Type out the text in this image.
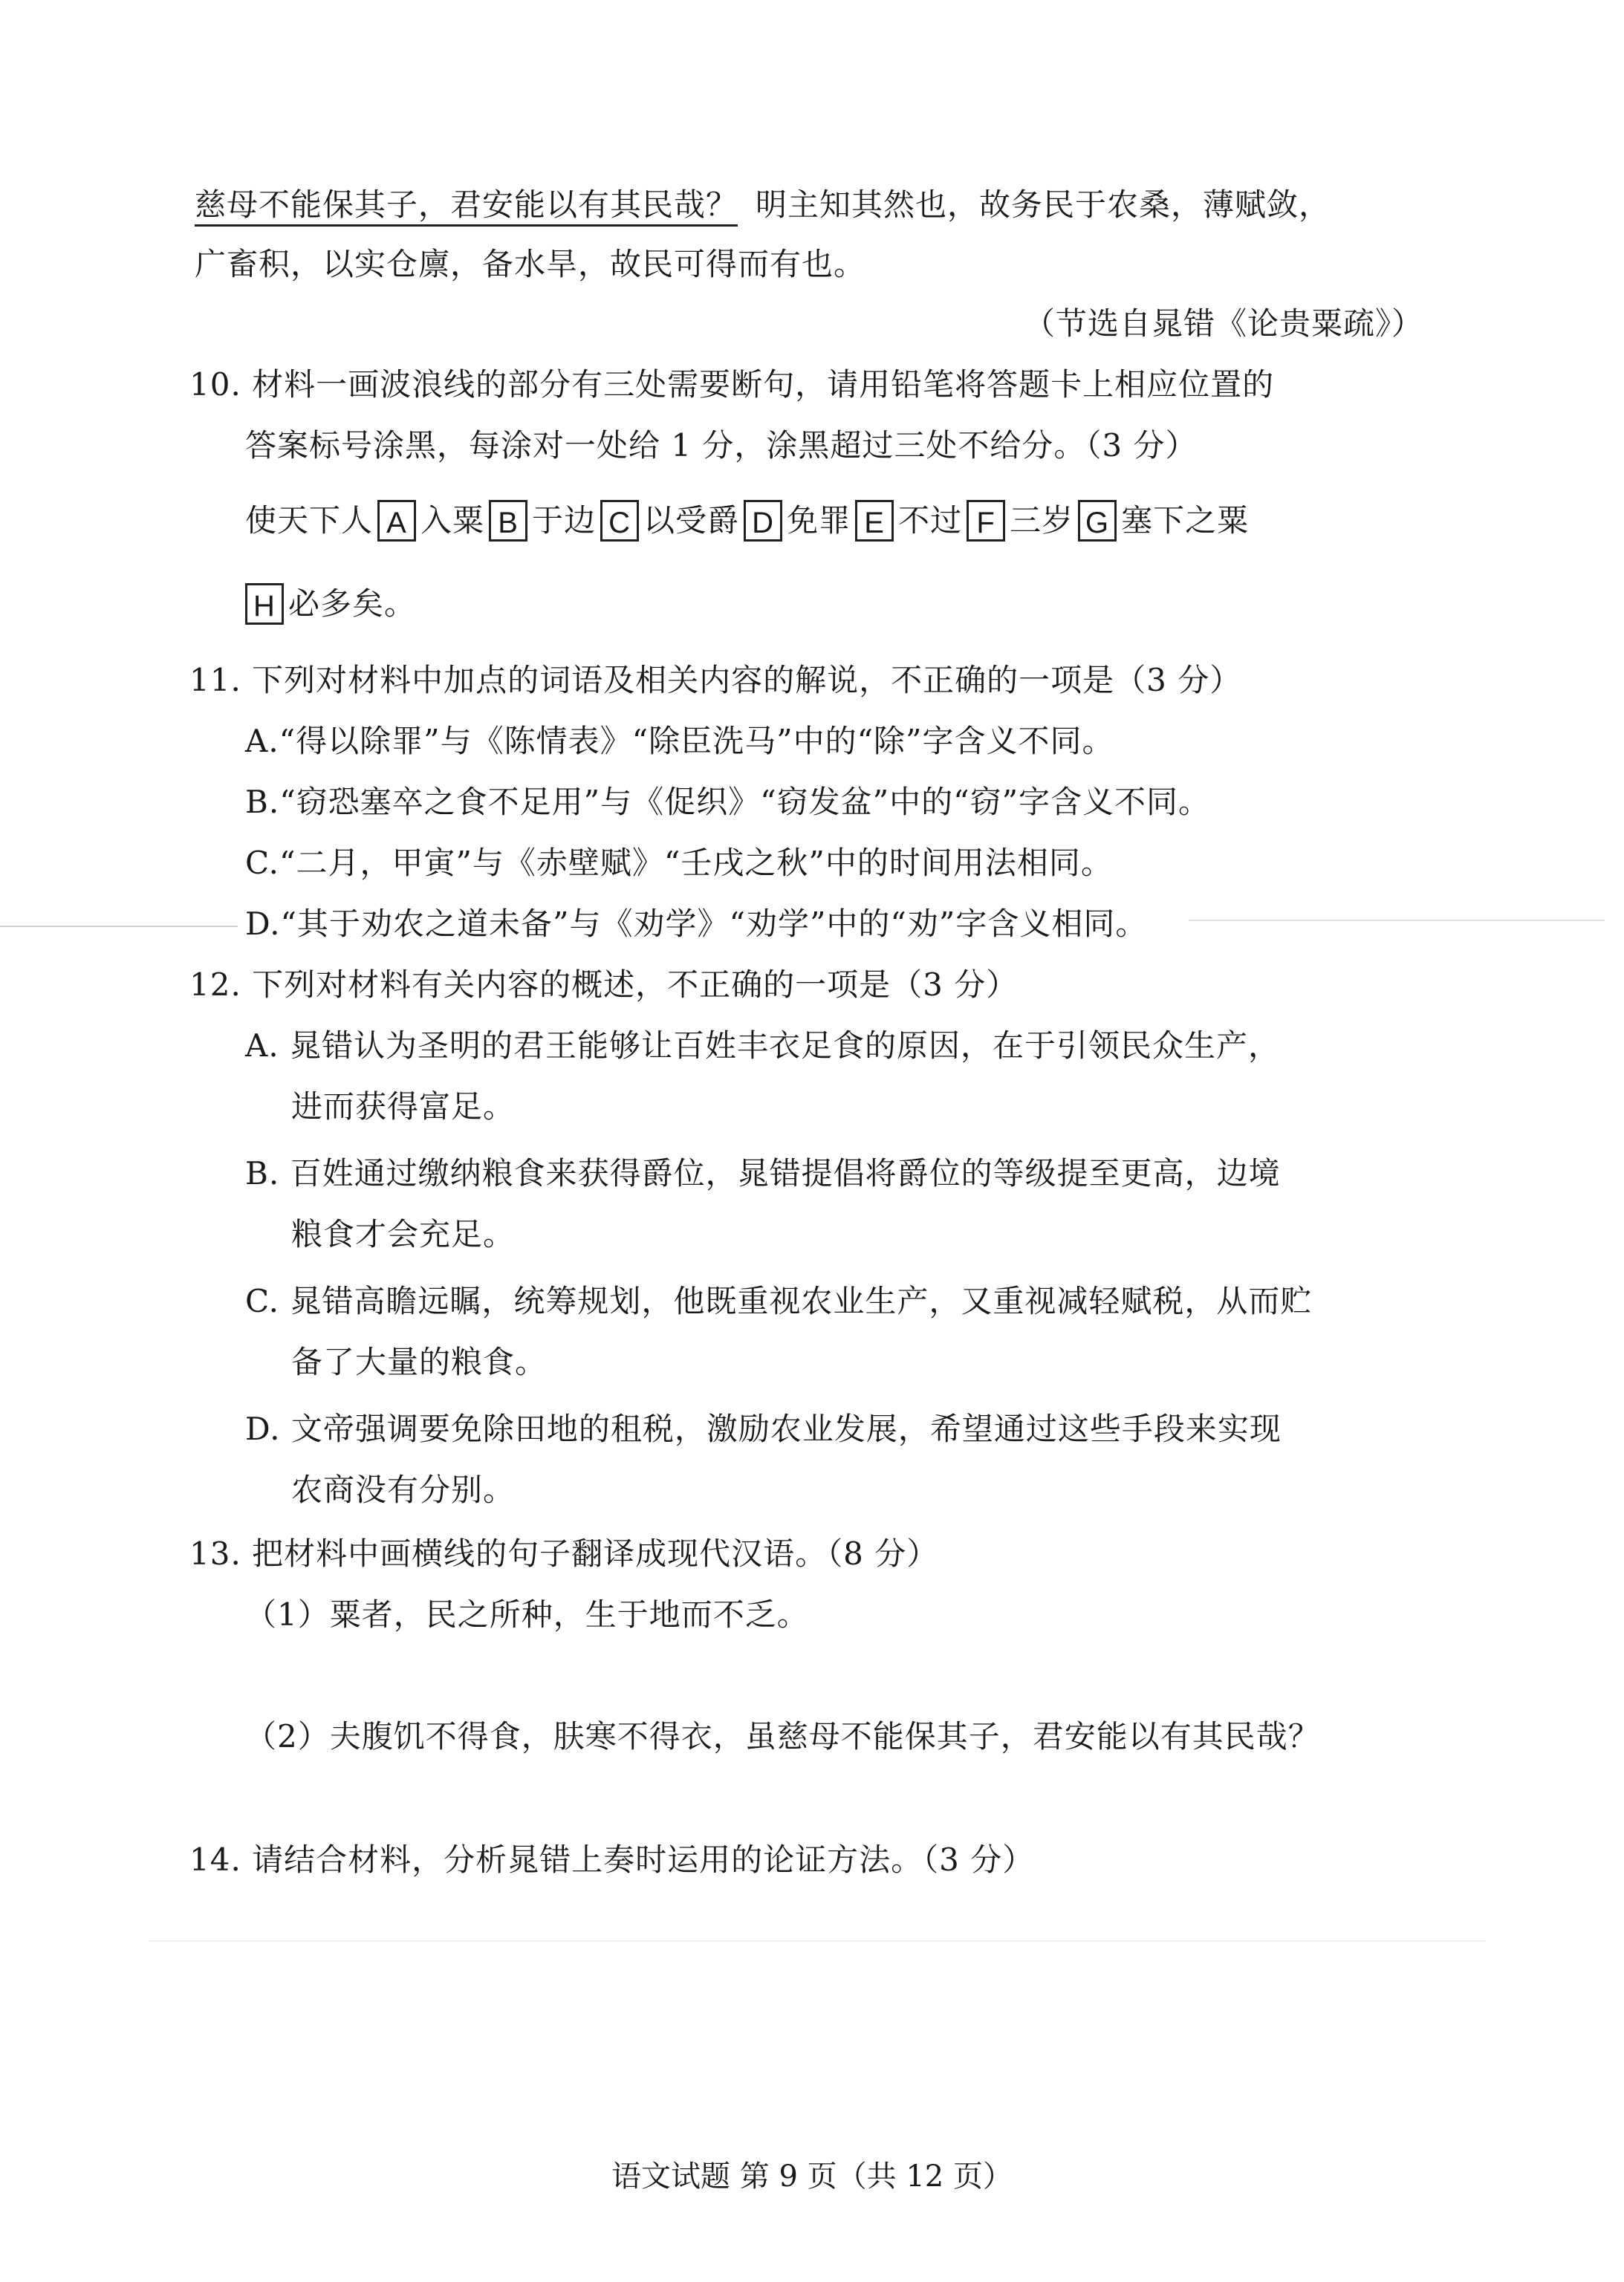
慈母不能保其子，君安能以有其民哉？ 明主知其然也，故务民于农桑，薄赋敛，
广畜积，以实仓廪，备水旱，故民可得而有也。
（节选自晁错《论贵粟疏》）
10. 材料一画波浪线的部分有三处需要断句，请用铅笔将答题卡上相应位置的
答案标号涂黑，每涂对一处给 1 分，涂黑超过三处不给分。（3 分）
使天下人 A 入粟 B 于边 C 以受爵 D 免罪 E 不过 F 三岁 G 塞下之粟
H 必多矣。
11. 下列对材料中加点的词语及相关内容的解说，不正确的一项是（3 分）
A.“得以除罪”与《陈情表》“除臣洗马”中的“除”字含义不同。
B.“窃恐塞卒之食不足用”与《促织》“窃发盆”中的“窃”字含义不同。
C.“二月，甲寅”与《赤壁赋》“壬戌之秋”中的时间用法相同。
D.“其于劝农之道未备”与《劝学》“劝学”中的“劝”字含义相同。
12. 下列对材料有关内容的概述，不正确的一项是（3 分）
A. 晁错认为圣明的君王能够让百姓丰衣足食的原因，在于引领民众生产，
进而获得富足。
B. 百姓通过缴纳粮食来获得爵位，晁错提倡将爵位的等级提至更高，边境
粮食才会充足。
C. 晁错高瞻远瞩，统筹规划，他既重视农业生产，又重视减轻赋税，从而贮
备了大量的粮食。
D. 文帝强调要免除田地的租税，激励农业发展，希望通过这些手段来实现
农商没有分别。
13. 把材料中画横线的句子翻译成现代汉语。（8 分）
（1）粟者，民之所种，生于地而不乏。
（2）夫腹饥不得食，肤寒不得衣，虽慈母不能保其子，君安能以有其民哉？
14. 请结合材料，分析晁错上奏时运用的论证方法。（3 分）
语文试题 第 9 页（共 12 页）
